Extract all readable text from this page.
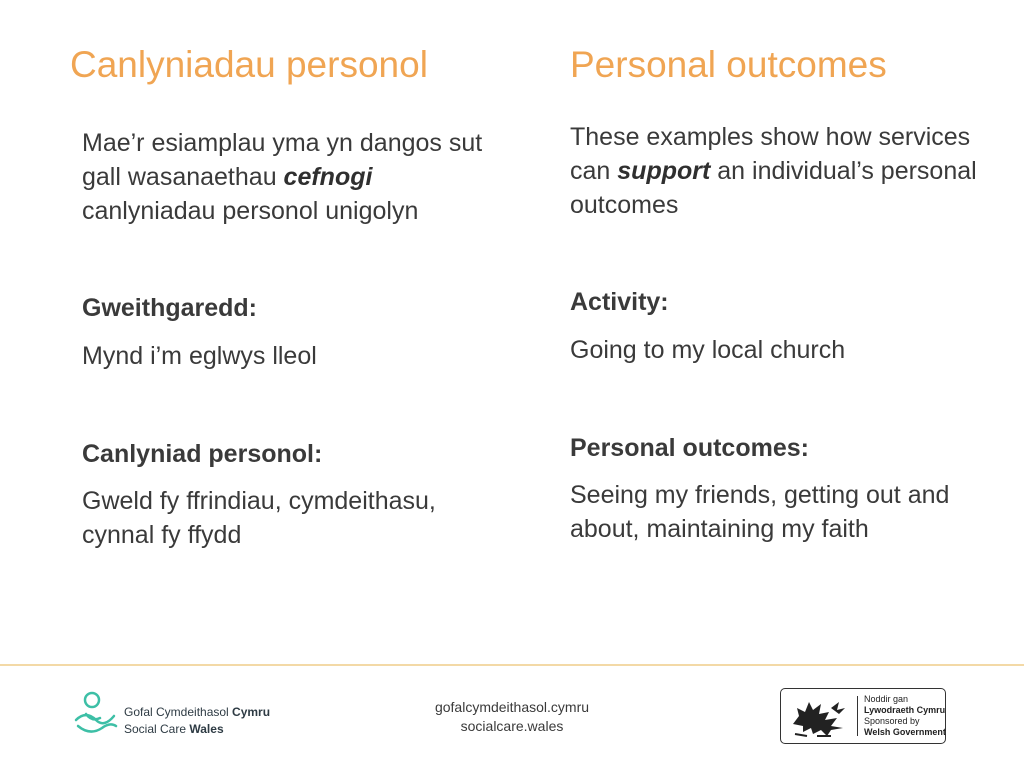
Canlyniadau personol

Mae’r esiamplau yma yn dangos sut gall wasanaethau cefnogi canlyniadau personol unigolyn

Gweithgaredd:

Mynd i’m eglwys lleol

Canlyniad personol:

Gweld fy ffrindiau, cymdeithasu, cynnal fy ffydd

Personal outcomes

These examples show how services can support an individual’s personal outcomes

Activity:

Going to my local church

Personal outcomes:

Seeing my friends, getting out and about, maintaining my faith

Gofal Cymdeithasol Cymru
Social Care Wales
gofalcymdeithasol.cymru
socialcare.wales
Noddir gan
Lywodraeth Cymru
Sponsored by
Welsh Government
